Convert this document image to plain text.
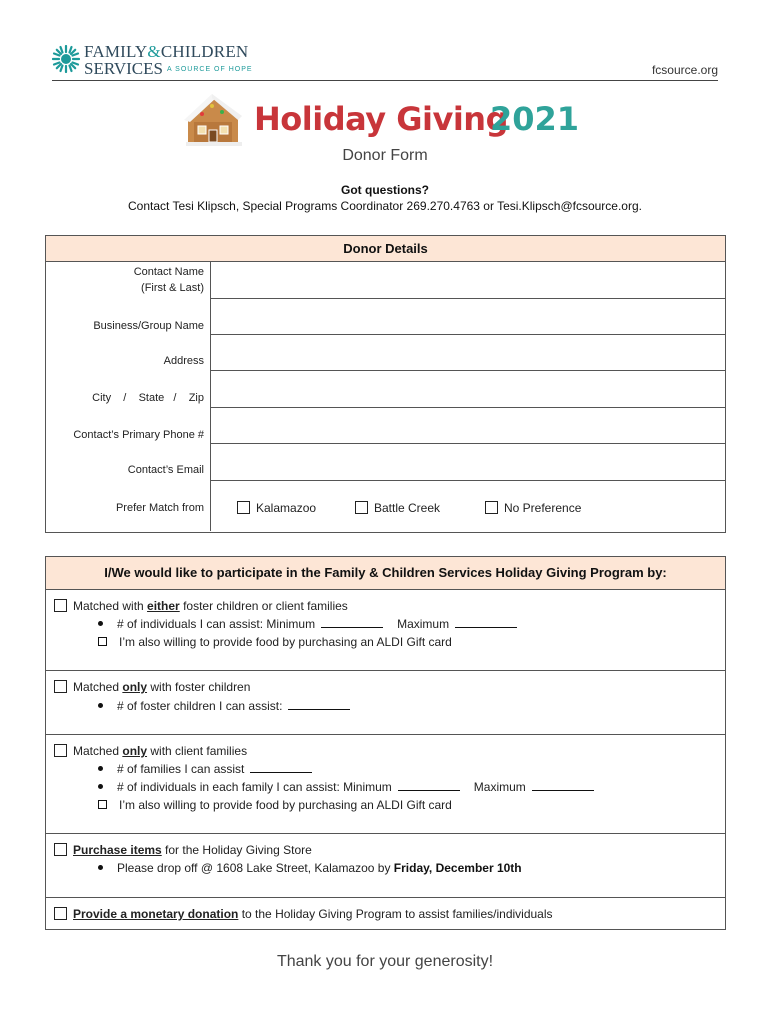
FAMILY&CHILDREN
SERVICES A SOURCE OF HOPE	fcsource.org
Holiday Giving
2021
Donor Form
Got questions?
Contact Tesi Klipsch, Special Programs Coordinator 269.270.4763 or Tesi.Klipsch@fcsource.org.
Donor Details
Contact Name
(First & Last)
Business/Group Name
Address
City    /    State   /    Zip
Contact’s Primary Phone #
Contact’s Email
Prefer Match from	Kalamazoo	Battle Creek	No Preference
I/We would like to participate in the Family & Children Services Holiday Giving Program by:
Matched with either foster children or client families
# of individuals I can assist: Minimum	Maximum
I’m also willing to provide food by purchasing an ALDI Gift card
Matched only with foster children
# of foster children I can assist:
Matched only with client families
# of families I can assist
# of individuals in each family I can assist: Minimum	Maximum
I’m also willing to provide food by purchasing an ALDI Gift card
Purchase items for the Holiday Giving Store
Please drop off @ 1608 Lake Street, Kalamazoo by Friday, December 10th
Provide a monetary donation to the Holiday Giving Program to assist families/individuals
Thank you for your generosity!
